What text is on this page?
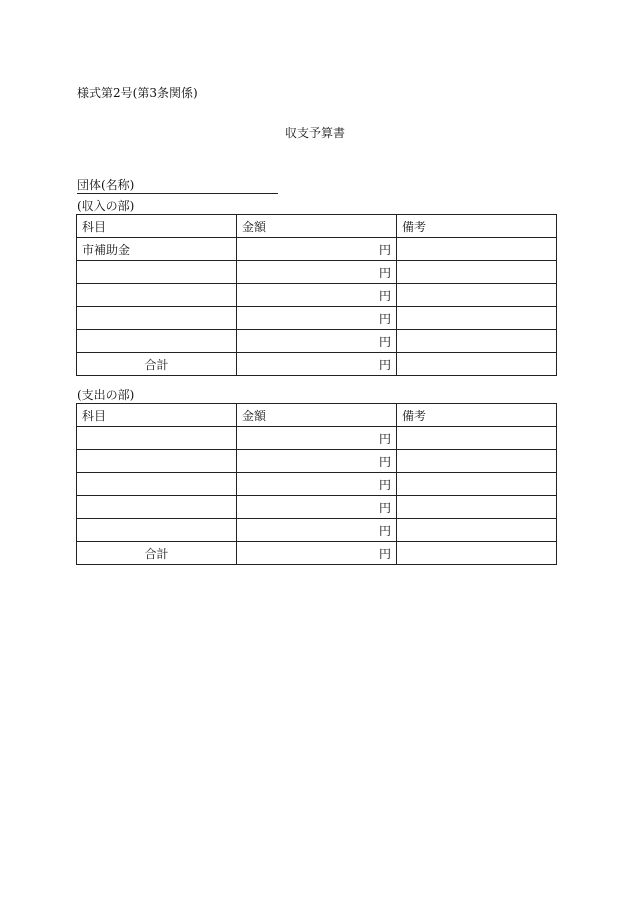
様式第2号(第3条関係)
収支予算書
団体(名称)
(収入の部)
科目	金額	備考
市補助金	円	
	円	
	円	
	円	
	円	
合計	円	
(支出の部)
科目	金額	備考
	円	
	円	
	円	
	円	
	円	
合計	円	
